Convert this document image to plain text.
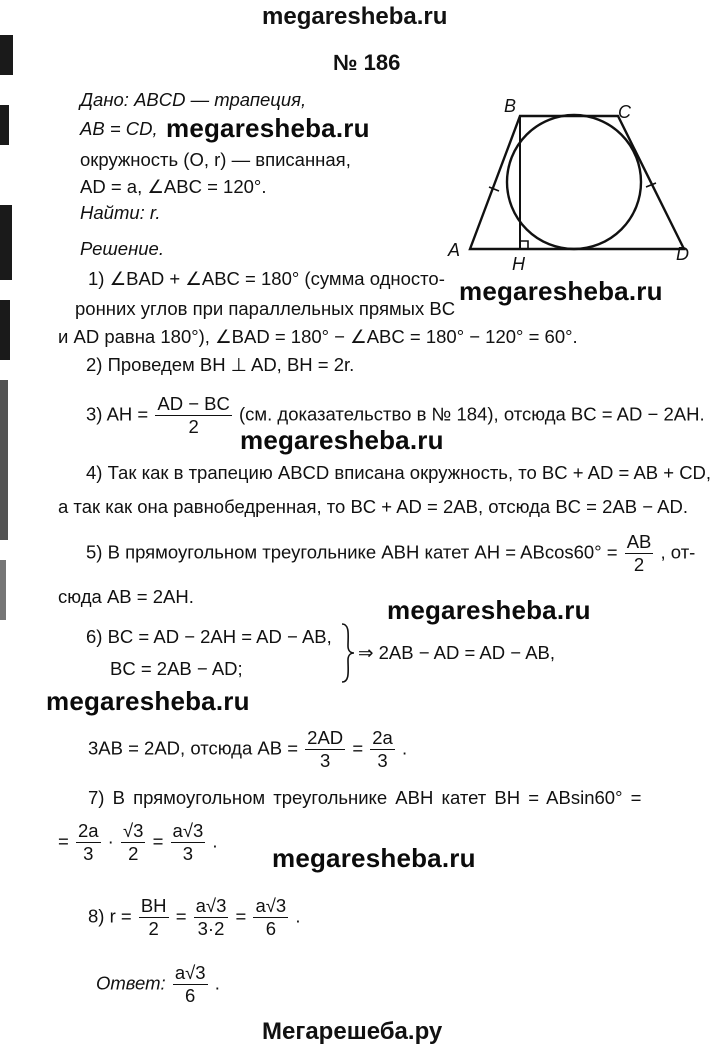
megaresheba.ru
№ 186
Дано: ABCD — трапеция,
AB = CD, megaresheba.ru
окружность (O, r) — вписанная,
AD = a, ∠ABC = 120°.
Найти: r.
Решение.
B	C
A	D
H
1) ∠BAD + ∠ABC = 180° (сумма односто- megaresheba.ru
ронних углов при параллельных прямых BC
и AD равна 180°), ∠BAD = 180° − ∠ABC = 180° − 120° = 60°.
2) Проведем BH ⊥ AD, BH = 2r.
3) AH = $\frac{AD - BC}{2} (см$. доказательство в № 184), отсюда BC = AD − 2AH.
megaresheba.ru
4) Так как в трапецию ABCD вписана окружность, то BC + AD = AB + CD,
а так как она равнобедренная, то BC + AD = 2AB, отсюда BC = 2AB − AD.
5) В прямоугольном треугольнике ABH катет AH = $ABcos60^\circ = \frac{AB}{2}$ , от-
сюда AB = 2AH.	megaresheba.ru
6) BC = AD − 2AH = AD − AB,
BC = 2AB − AD;
⇒ 2AB − AD = AD − AB,
megaresheba.ru
3AB = 2AD, отсюда AB = $\frac{2AD}{3} = \frac{2a}{3}$ .
7) В прямоугольном треугольнике ABH катет BH = ABsin60° =
= $\frac{2a}{3} \cdot \frac{√3}{2} = \frac{a√3}{3}$ .
megaresheba.ru
8) $r = \frac{BH}{2} = \frac{a√3}{3\cdot 2} = \frac{a√3}{6}$ .
Ответ: $\frac{a√3}{6}$ .
Мегарешеба.ру
